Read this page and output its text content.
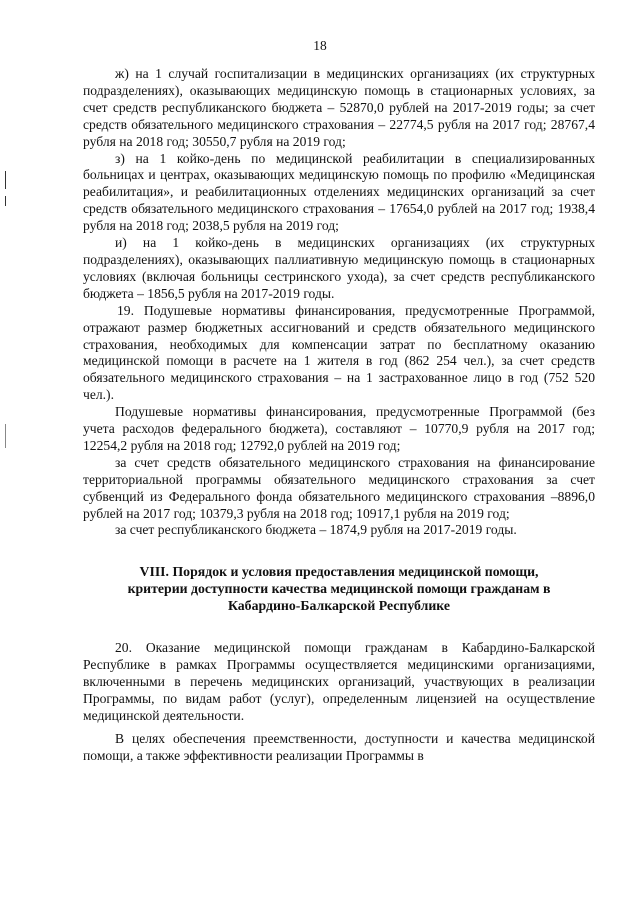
18

ж) на 1 случай госпитализации в медицинских организациях (их структурных подразделениях), оказывающих медицинскую помощь в стационарных условиях, за счет средств республиканского бюджета – 52870,0 рублей на 2017-2019 годы; за счет средств обязательного медицинского страхования – 22774,5 рубля на 2017 год; 28767,4 рубля на 2018 год; 30550,7 рубля на 2019 год;

з) на 1 койко-день по медицинской реабилитации в специализированных больницах и центрах, оказывающих медицинскую помощь по профилю «Медицинская реабилитация», и реабилитационных отделениях медицинских организаций за счет средств обязательного медицинского страхования – 17654,0 рублей на 2017 год; 1938,4 рубля на 2018 год; 2038,5 рубля на 2019 год;

и) на 1 койко-день в медицинских организациях (их структурных подразделениях), оказывающих паллиативную медицинскую помощь в стационарных условиях (включая больницы сестринского ухода), за счет средств республиканского бюджета – 1856,5 рубля на 2017-2019 годы.

19. Подушевые нормативы финансирования, предусмотренные Программой, отражают размер бюджетных ассигнований и средств обязательного медицинского страхования, необходимых для компенсации затрат по бесплатному оказанию медицинской помощи в расчете на 1 жителя в год (862 254 чел.), за счет средств обязательного медицинского страхования – на 1 застрахованное лицо в год (752 520 чел.).

Подушевые нормативы финансирования, предусмотренные Программой (без учета расходов федерального бюджета), составляют – 10770,9 рубля на 2017 год; 12254,2 рубля на 2018 год; 12792,0 рублей на 2019 год;

за счет средств обязательного медицинского страхования на финансирование территориальной программы обязательного медицинского страхования за счет субвенций из Федерального фонда обязательного медицинского страхования –8896,0 рублей на 2017 год; 10379,3 рубля на 2018 год; 10917,1 рубля на 2019 год;

за счет республиканского бюджета – 1874,9 рубля на 2017-2019 годы.

VIII. Порядок и условия предоставления медицинской помощи,
критерии доступности качества медицинской помощи гражданам в
Кабардино-Балкарской Республике

20. Оказание медицинской помощи гражданам в Кабардино-Балкарской Республике в рамках Программы осуществляется медицинскими организациями, включенными в перечень медицинских организаций, участвующих в реализации Программы, по видам работ (услуг), определенным лицензией на осуществление медицинской деятельности.

В целях обеспечения преемственности, доступности и качества медицинской помощи, а также эффективности реализации Программы в
